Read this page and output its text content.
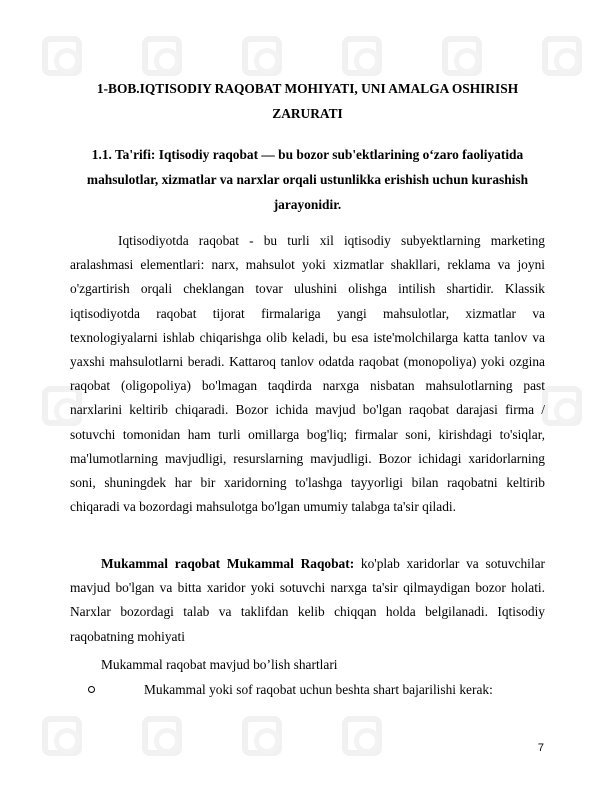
1-BOB.IQTISODIY RAQOBAT MOHIYATI, UNI AMALGA OSHIRISH ZARURATI
1.1. Ta'rifi: Iqtisodiy raqobat — bu bozor sub'ektlarining o‘zaro faoliyatida mahsulotlar, xizmatlar va narxlar orqali ustunlikka erishish uchun kurashish jarayonidir.

Iqtisodiyotda raqobat - bu turli xil iqtisodiy subyektlarning marketing aralashmasi elementlari: narx, mahsulot yoki xizmatlar shakllari, reklama va joyni o'zgartirish orqali cheklangan tovar ulushini olishga intilish shartidir. Klassik iqtisodiyotda raqobat tijorat firmalariga yangi mahsulotlar, xizmatlar va texnologiyalarni ishlab chiqarishga olib keladi, bu esa iste'molchilarga katta tanlov va yaxshi mahsulotlarni beradi. Kattaroq tanlov odatda raqobat (monopoliya) yoki ozgina raqobat (oligopoliya) bo'lmagan taqdirda narxga nisbatan mahsulotlarning past narxlarini keltirib chiqaradi. Bozor ichida mavjud bo'lgan raqobat darajasi firma / sotuvchi tomonidan ham turli omillarga bog'liq; firmalar soni, kirishdagi to'siqlar, ma'lumotlarning mavjudligi, resurslarning mavjudligi. Bozor ichidagi xaridorlarning soni, shuningdek har bir xaridorning to'lashga tayyorligi bilan raqobatni keltirib chiqaradi va bozordagi mahsulotga bo'lgan umumiy talabga ta'sir qiladi.

Mukammal raqobat Mukammal Raqobat: ko'plab xaridorlar va sotuvchilar mavjud bo'lgan va bitta xaridor yoki sotuvchi narxga ta'sir qilmaydigan bozor holati. Narxlar bozordagi talab va taklifdan kelib chiqqan holda belgilanadi. Iqtisodiy raqobatning mohiyati

Mukammal raqobat mavjud bo’lish shartlari
Mukammal yoki sof raqobat uchun beshta shart bajarilishi kerak:
7
